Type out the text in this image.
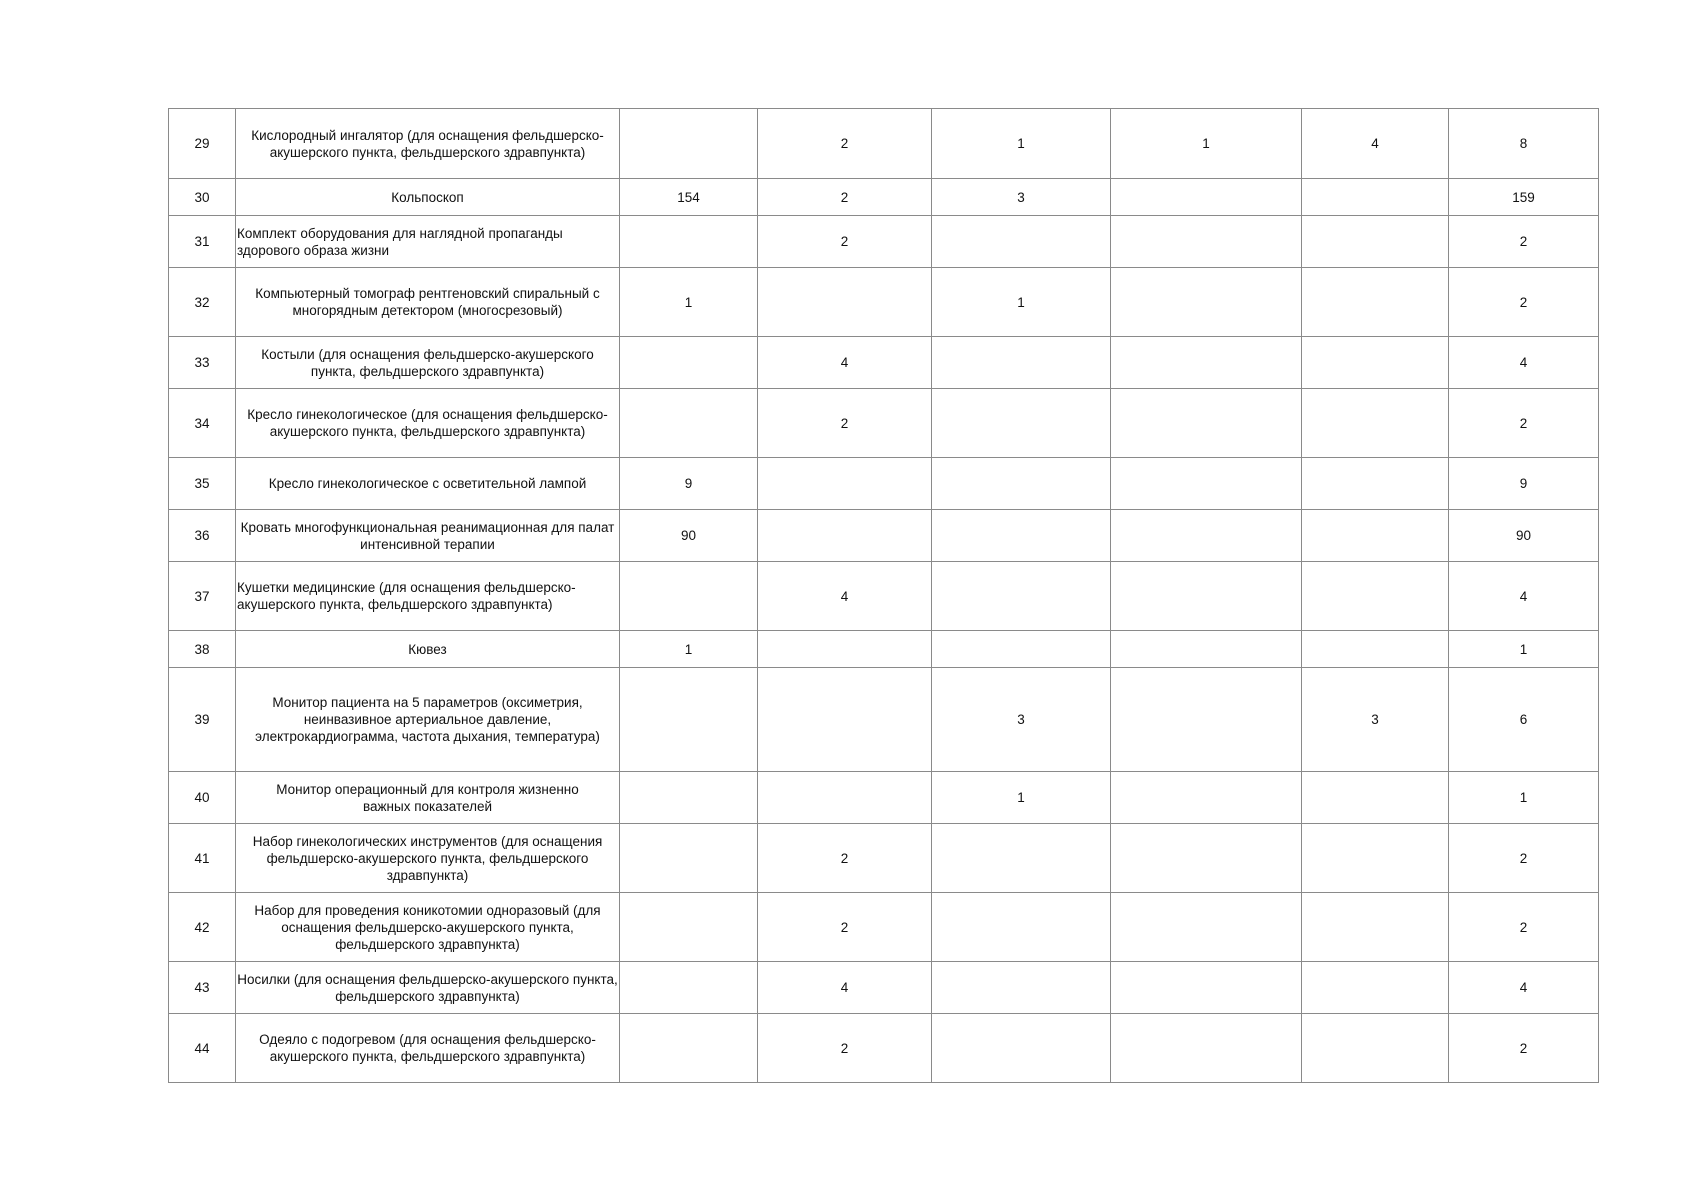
29	Кислородный ингалятор (для оснащения фельдшерско-акушерского пункта, фельдшерского здравпункта)		2	1	1	4	8
30	Кольпоскоп	154	2	3			159
31	Комплект оборудования для наглядной пропаганды здорового образа жизни		2				2
32	Компьютерный томограф рентгеновский спиральный с многорядным детектором (многосрезовый)	1		1			2
33	Костыли (для оснащения фельдшерско-акушерского пункта, фельдшерского здравпункта)		4				4
34	Кресло гинекологическое (для оснащения фельдшерско-акушерского пункта, фельдшерского здравпункта)		2				2
35	Кресло гинекологическое с осветительной лампой	9					9
36	Кровать многофункциональная реанимационная для палат интенсивной терапии	90					90
37	Кушетки медицинские (для оснащения фельдшерско-акушерского пункта, фельдшерского здравпункта)		4				4
38	Кювез	1					1
39	Монитор пациента на 5 параметров (оксиметрия, неинвазивное артериальное давление, электрокардиограмма, частота дыхания, температура)			3		3	6
40	Монитор операционный для контроля жизненно важных показателей			1			1
41	Набор гинекологических инструментов (для оснащения фельдшерско-акушерского пункта, фельдшерского здравпункта)		2				2
42	Набор для проведения коникотомии одноразовый (для оснащения фельдшерско-акушерского пункта, фельдшерского здравпункта)		2				2
43	Носилки (для оснащения фельдшерско-акушерского пункта, фельдшерского здравпункта)		4				4
44	Одеяло с подогревом (для оснащения фельдшерско-акушерского пункта, фельдшерского здравпункта)		2				2
